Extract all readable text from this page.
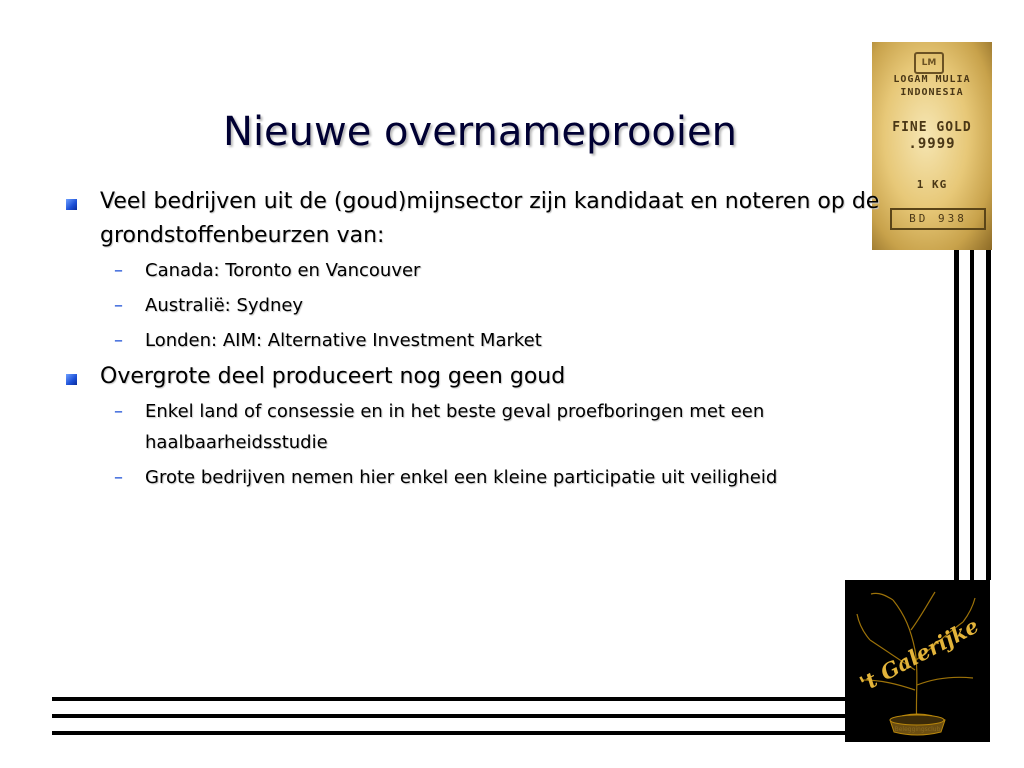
LM
LOGAM MULIA
INDONESIA
FINE GOLD
.9999
1 KG
BD 938
Nieuwe overnameprooien
Veel bedrijven uit de (goud)mijnsector zijn kandidaat en noteren op de grondstoffenbeurzen van:
– Canada: Toronto en Vancouver
– Australië: Sydney
– Londen: AIM: Alternative Investment Market
Overgrote deel produceert nog geen goud
– Enkel land of consessie en in het beste geval proefboringen met een haalbaarheidsstudie
– Grote bedrijven nemen hier enkel een kleine participatie uit veiligheid
't Galerijke
Beleggingsclub
